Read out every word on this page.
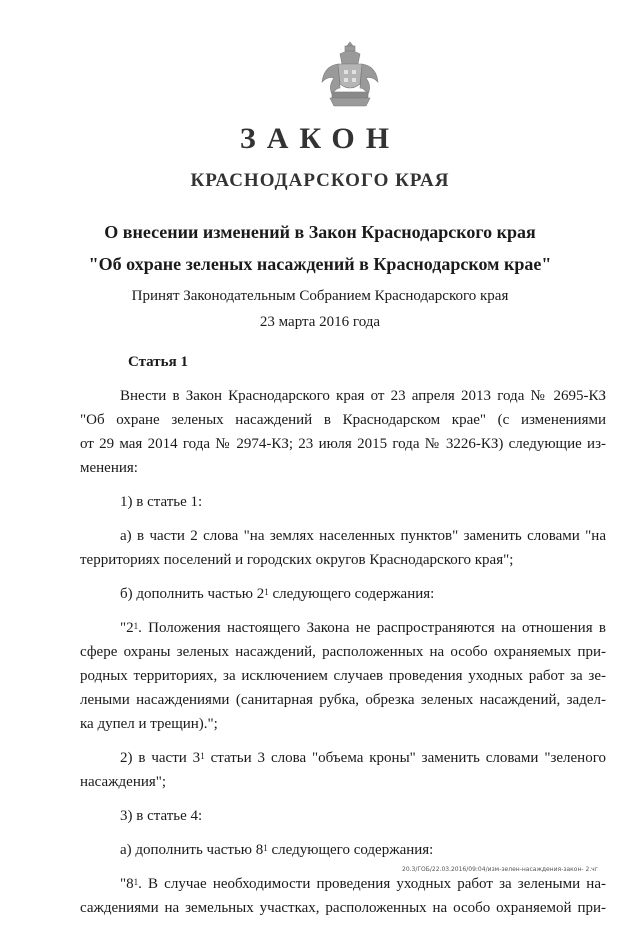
ЗАКОН
КРАСНОДАРСКОГО КРАЯ
О внесении изменений в Закон Краснодарского края
"Об охране зеленых насаждений в Краснодарском крае"
Принят Законодательным Собранием Краснодарского края
23 марта 2016 года
Статья 1
Внести в Закон Краснодарского края от 23 апреля 2013 года № 2695-КЗ
"Об охране зеленых насаждений в Краснодарском крае" (с изменениями
от 29 мая 2014 года № 2974-КЗ; 23 июля 2015 года № 3226-КЗ) следующие из-
менения:
1) в статье 1:
а) в части 2 слова "на землях населенных пунктов" заменить словами "на
территориях поселений и городских округов Краснодарского края";
б) дополнить частью $2^1$ следующего содержания:
"$2^1$. Положения настоящего Закона не распространяются на отношения в
сфере охраны зеленых насаждений, расположенных на особо охраняемых при-
родных территориях, за исключением случаев проведения уходных работ за зе-
леными насаждениями (санитарная рубка, обрезка зеленых насаждений, задел-
ка дупел и трещин).";
2) в части $3^1$ статьи 3 слова "объема кроны" заменить словами "зеленого
насаждения";
3) в статье 4:
а) дополнить частью $8^1$ следующего содержания:
"$8^1$. В случае необходимости проведения уходных работ за зелеными на-
саждениями на земельных участках, расположенных на особо охраняемой при-
20.3/ГОБ/22.03.2016/09:04/изм-зелен-насаждения-закон- 2.чг
